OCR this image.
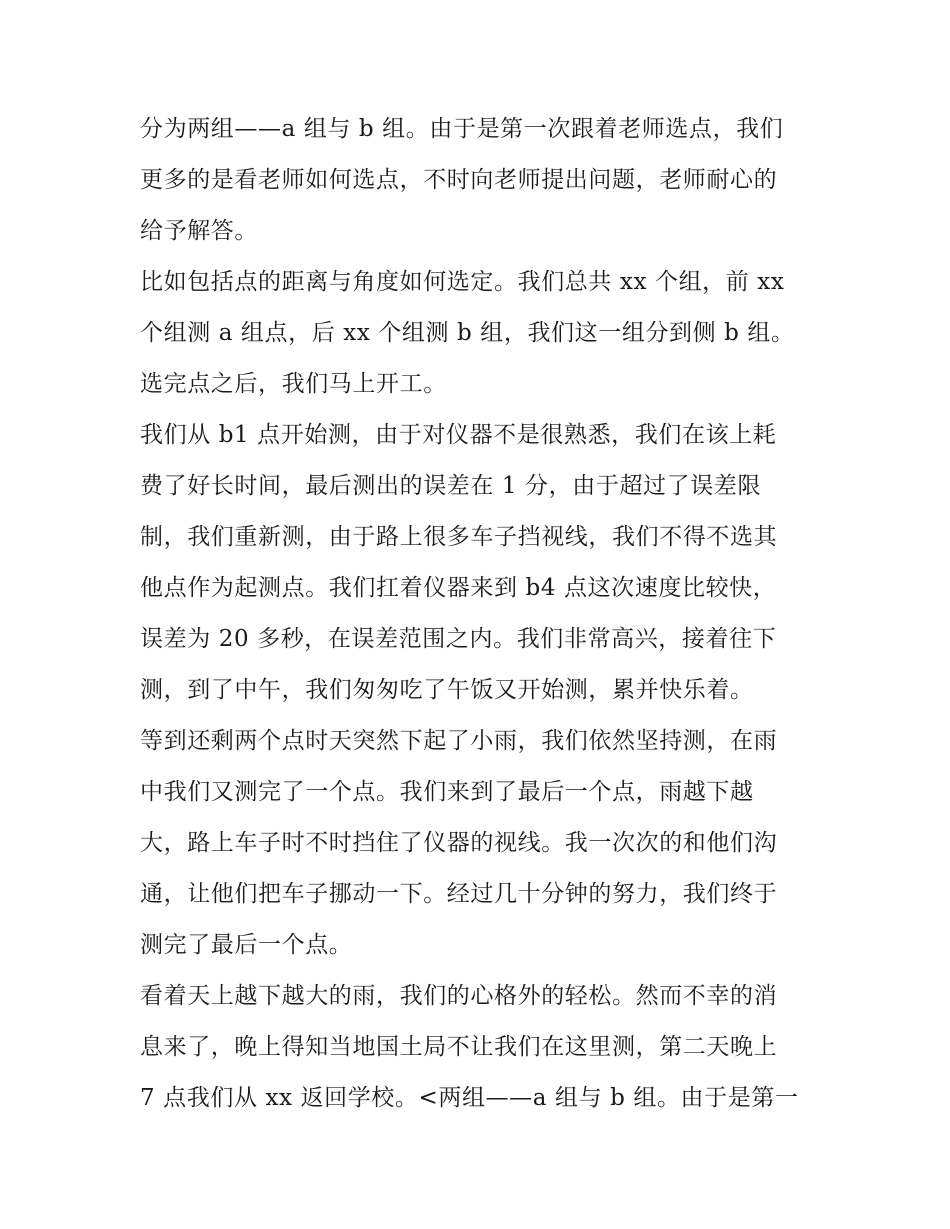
分为两组——a 组与 b 组。由于是第一次跟着老师选点，我们
更多的是看老师如何选点，不时向老师提出问题，老师耐心的
给予解答。

比如包括点的距离与角度如何选定。我们总共 xx 个组，前 xx
个组测 a 组点，后 xx 个组测 b 组，我们这一组分到侧 b 组。
选完点之后，我们马上开工。

我们从 b1 点开始测，由于对仪器不是很熟悉，我们在该上耗
费了好长时间，最后测出的误差在 1 分，由于超过了误差限
制，我们重新测，由于路上很多车子挡视线，我们不得不选其
他点作为起测点。我们扛着仪器来到 b4 点这次速度比较快，
误差为 20 多秒，在误差范围之内。我们非常高兴，接着往下
测，到了中午，我们匆匆吃了午饭又开始测，累并快乐着。

等到还剩两个点时天突然下起了小雨，我们依然坚持测，在雨
中我们又测完了一个点。我们来到了最后一个点，雨越下越
大，路上车子时不时挡住了仪器的视线。我一次次的和他们沟
通，让他们把车子挪动一下。经过几十分钟的努力，我们终于
测完了最后一个点。

看着天上越下越大的雨，我们的心格外的轻松。然而不幸的消
息来了，晚上得知当地国土局不让我们在这里测，第二天晚上
7 点我们从 xx 返回学校。<两组——a 组与 b 组。由于是第一
